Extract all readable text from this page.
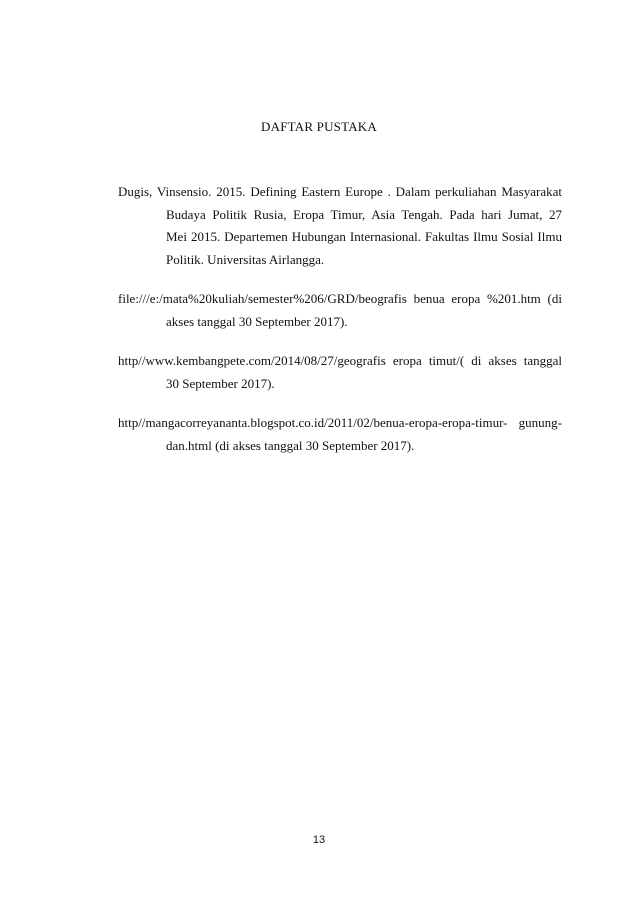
DAFTAR PUSTAKA
Dugis, Vinsensio. 2015. Defining Eastern Europe . Dalam perkuliahan Masyarakat
Budaya Politik Rusia, Eropa Timur, Asia Tengah. Pada hari Jumat, 27
Mei 2015. Departemen Hubungan Internasional. Fakultas Ilmu Sosial Ilmu
Politik. Universitas Airlangga.
file:///e:/mata%20kuliah/semester%206/GRD/beografis benua eropa %201.htm (di
akses tanggal 30 September 2017).
http//www.kembangpete.com/2014/08/27/geografis eropa timut/( di akses tanggal
30 September 2017).
http//mangacorreyananta.blogspot.co.id/2011/02/benua-eropa-eropa-timur- gunung-
dan.html (di akses tanggal 30 September 2017).
13
